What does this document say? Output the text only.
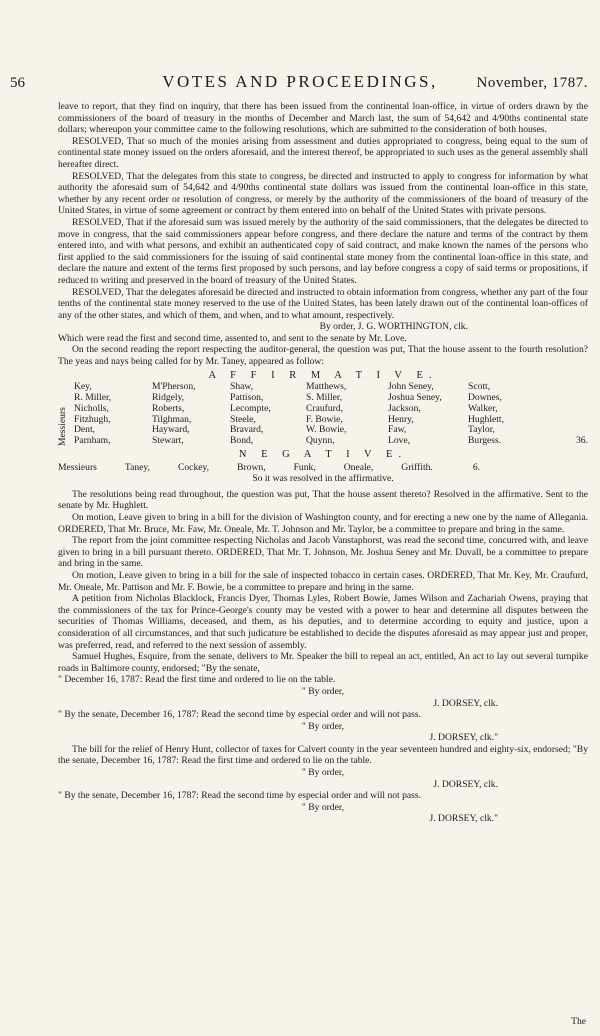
56	VOTES AND PROCEEDINGS,	November, 1787.

leave to report, that they find on inquiry, that there has been issued from the continental loan-office, in virtue of orders drawn by the commissioners of the board of treasury in the months of December and March last, the sum of 54,642 and 4/90ths continental state dollars; whereupon your committee came to the following resolutions, which are submitted to the consideration of both houses.

RESOLVED, That so much of the monies arising from assessment and duties appropriated to congress, being equal to the sum of continental state money issued on the orders aforesaid, and the interest thereof, be appropriated to such uses as the general assembly shall hereafter direct.

RESOLVED, That the delegates from this state to congress, be directed and instructed to apply to congress for information by what authority the aforesaid sum of 54,642 and 4/90ths continental state dollars was issued from the continental loan-office in this state, whether by any recent order or resolution of congress, or merely by the authority of the commissioners of the board of treasury of the United States, in virtue of some agreement or contract by them entered into on behalf of the United States with private persons.

RESOLVED, That if the aforesaid sum was issued merely by the authority of the said commissioners, that the delegates be directed to move in congress, that the said commissioners appear before congress, and there declare the nature and terms of the contract by them entered into, and with what persons, and exhibit an authenticated copy of said contract, and make known the names of the persons who first applied to the said commissioners for the issuing of said continental state money from the continental loan-office in this state, and declare the nature and extent of the terms first proposed by such persons, and lay before congress a copy of said terms or propositions, if reduced to writing and preserved in the board of treasury of the United States.

RESOLVED, That the delegates aforesaid be directed and instructed to obtain information from congress, whether any part of the four tenths of the continental state money reserved to the use of the United States, has been lately drawn out of the continental loan-offices of any of the other states, and which of them, and when, and to what amount, respectively.

By order, J. G. WORTHINGTON, clk.

Which were read the first and second time, assented to, and sent to the senate by Mr. Love.

On the second reading the report respecting the auditor-general, the question was put, That the house assent to the fourth resolution? The yeas and nays being called for by Mr. Taney, appeared as follow:

A F F I R M A T I V E.
Messieurs
Key,	M'Pherson,	Shaw,	Matthews,	John Seney,	Scott,
R. Miller,	Ridgely,	Pattison,	S. Miller,	Joshua Seney,	Downes,
Nicholls,	Roberts,	Lecompte,	Craufurd,	Jackson,	Walker,
Fitzhugh,	Tilghman,	Steele,	F. Bowie,	Henry,	Hughlett,
Dent,	Hayward,	Bravard,	W. Bowie,	Faw,	Taylor,
Parnham,	Stewart,	Bond,	Quynn,	Love,	Burgess.	36.
N E G A T I V E.
Messieurs	Taney,	Cockey,	Brown,	Funk,	Oneale,	Griffith.	6.

So it was resolved in the affirmative.

The resolutions being read throughout, the question was put, That the house assent thereto? Resolved in the affirmative. Sent to the senate by Mr. Hughlett.

On motion, Leave given to bring in a bill for the division of Washington county, and for erecting a new one by the name of Allegania. ORDERED, That Mr. Bruce, Mr. Faw, Mr. Oneale, Mr. T. Johnson and Mr. Taylor, be a committee to prepare and bring in the same.

The report from the joint committee respecting Nicholas and Jacob Vanstaphorst, was read the second time, concurred with, and leave given to bring in a bill pursuant thereto. ORDERED, That Mr. T. Johnson, Mr. Joshua Seney and Mr. Duvall, be a committee to prepare and bring in the same.

On motion, Leave given to bring in a bill for the sale of inspected tobacco in certain cases. ORDERED, That Mr. Key, Mr. Craufurd, Mr. Oneale, Mr. Pattison and Mr. F. Bowie, be a committee to prepare and bring in the same.

A petition from Nicholas Blacklock, Francis Dyer, Thomas Lyles, Robert Bowie, James Wilson and Zachariah Owens, praying that the commissioners of the tax for Prince-George's county may be vested with a power to hear and determine all disputes between the securities of Thomas Williams, deceased, and them, as his deputies, and to determine according to equity and justice, upon a consideration of all circumstances, and that such judicature be established to decide the disputes aforesaid as may appear just and proper, was preferred, read, and referred to the next session of assembly.

Samuel Hughes, Esquire, from the senate, delivers to Mr. Speaker the bill to repeal an act, entitled, An act to lay out several turnpike roads in Baltimore county, endorsed; "By the senate,

" December 16, 1787: Read the first time and ordered to lie on the table.

" By order,

J. DORSEY, clk.

" By the senate, December 16, 1787: Read the second time by especial order and will not pass.

" By order,

J. DORSEY, clk."

The bill for the relief of Henry Hunt, collector of taxes for Calvert county in the year seventeen hundred and eighty-six, endorsed; "By the senate, December 16, 1787: Read the first time and ordered to lie on the table.

" By order,

J. DORSEY, clk.

" By the senate, December 16, 1787: Read the second time by especial order and will not pass.

" By order,

J. DORSEY, clk."

The
